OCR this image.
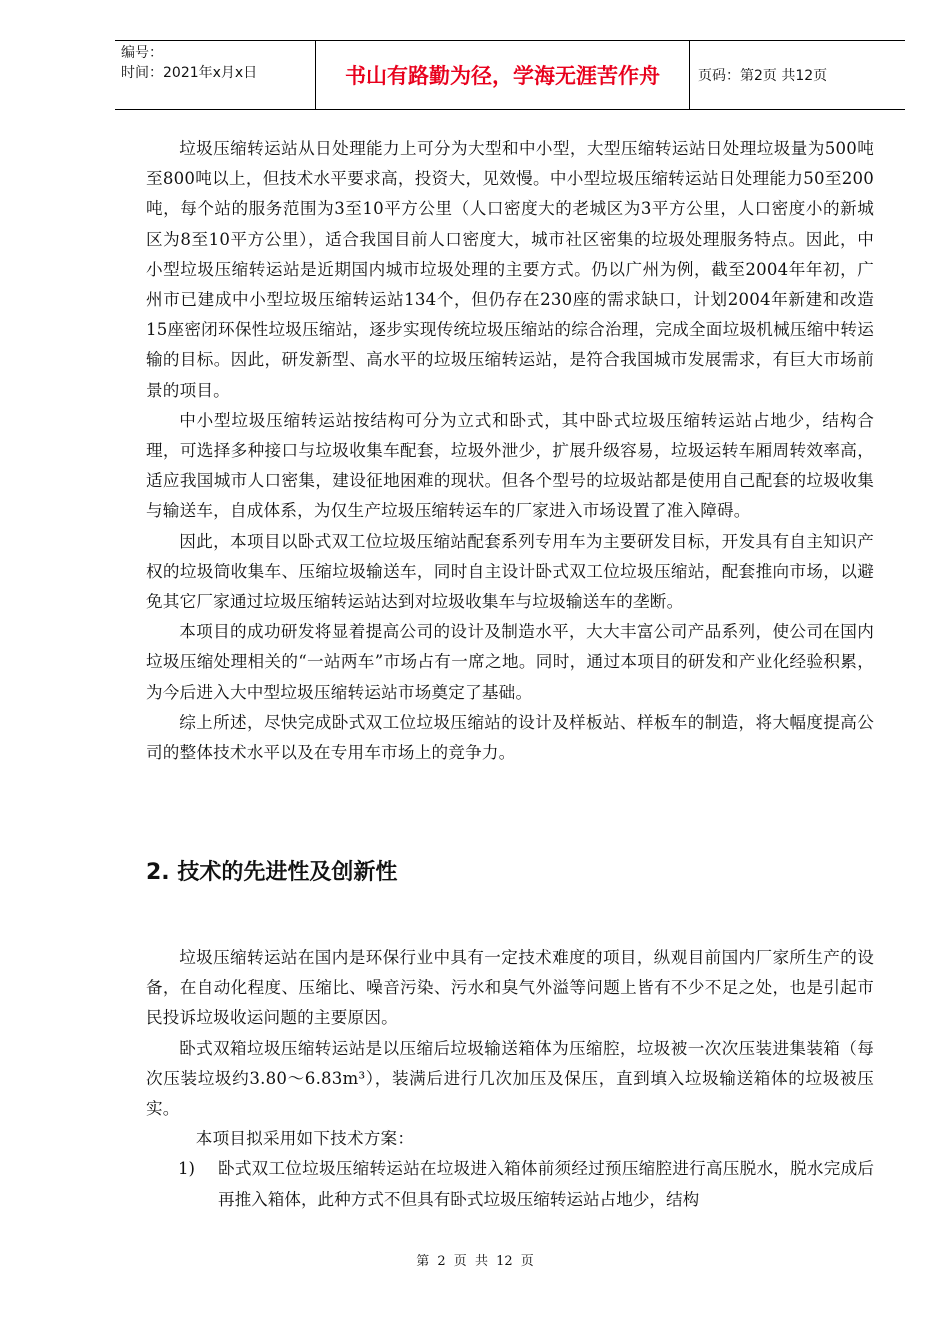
编号：
时间：2021年x月x日	书山有路勤为径，学海无涯苦作舟	页码：第2页 共12页

垃圾压缩转运站从日处理能力上可分为大型和中小型，大型压缩转运站日处理垃圾量为500吨至800吨以上，但技术水平要求高，投资大，见效慢。中小型垃圾压缩转运站日处理能力50至200吨，每个站的服务范围为3至10平方公里（人口密度大的老城区为3平方公里，人口密度小的新城区为8至10平方公里），适合我国目前人口密度大，城市社区密集的垃圾处理服务特点。因此，中小型垃圾压缩转运站是近期国内城市垃圾处理的主要方式。仍以广州为例，截至2004年年初，广州市已建成中小型垃圾压缩转运站134个，但仍存在230座的需求缺口，计划2004年新建和改造15座密闭环保性垃圾压缩站，逐步实现传统垃圾压缩站的综合治理，完成全面垃圾机械压缩中转运输的目标。因此，研发新型、高水平的垃圾压缩转运站，是符合我国城市发展需求，有巨大市场前景的项目。

中小型垃圾压缩转运站按结构可分为立式和卧式，其中卧式垃圾压缩转运站占地少，结构合理，可选择多种接口与垃圾收集车配套，垃圾外泄少，扩展升级容易，垃圾运转车厢周转效率高，适应我国城市人口密集，建设征地困难的现状。但各个型号的垃圾站都是使用自己配套的垃圾收集与输送车，自成体系，为仅生产垃圾压缩转运车的厂家进入市场设置了准入障碍。

因此，本项目以卧式双工位垃圾压缩站配套系列专用车为主要研发目标，开发具有自主知识产权的垃圾筒收集车、压缩垃圾输送车，同时自主设计卧式双工位垃圾压缩站，配套推向市场，以避免其它厂家通过垃圾压缩转运站达到对垃圾收集车与垃圾输送车的垄断。

本项目的成功研发将显着提高公司的设计及制造水平，大大丰富公司产品系列，使公司在国内垃圾压缩处理相关的“一站两车”市场占有一席之地。同时，通过本项目的研发和产业化经验积累，为今后进入大中型垃圾压缩转运站市场奠定了基础。

综上所述，尽快完成卧式双工位垃圾压缩站的设计及样板站、样板车的制造，将大幅度提高公司的整体技术水平以及在专用车市场上的竞争力。

2. 技术的先进性及创新性

垃圾压缩转运站在国内是环保行业中具有一定技术难度的项目，纵观目前国内厂家所生产的设备，在自动化程度、压缩比、噪音污染、污水和臭气外溢等问题上皆有不少不足之处，也是引起市民投诉垃圾收运问题的主要原因。

卧式双箱垃圾压缩转运站是以压缩后垃圾输送箱体为压缩腔，垃圾被一次次压装进集装箱（每次压装垃圾约3.80～6.83m³），装满后进行几次加压及保压，直到填入垃圾输送箱体的垃圾被压实。

本项目拟采用如下技术方案：

1)	卧式双工位垃圾压缩转运站在垃圾进入箱体前须经过预压缩腔进行高压脱水，脱水完成后再推入箱体，此种方式不但具有卧式垃圾压缩转运站占地少，结构
第 2 页 共 12 页
